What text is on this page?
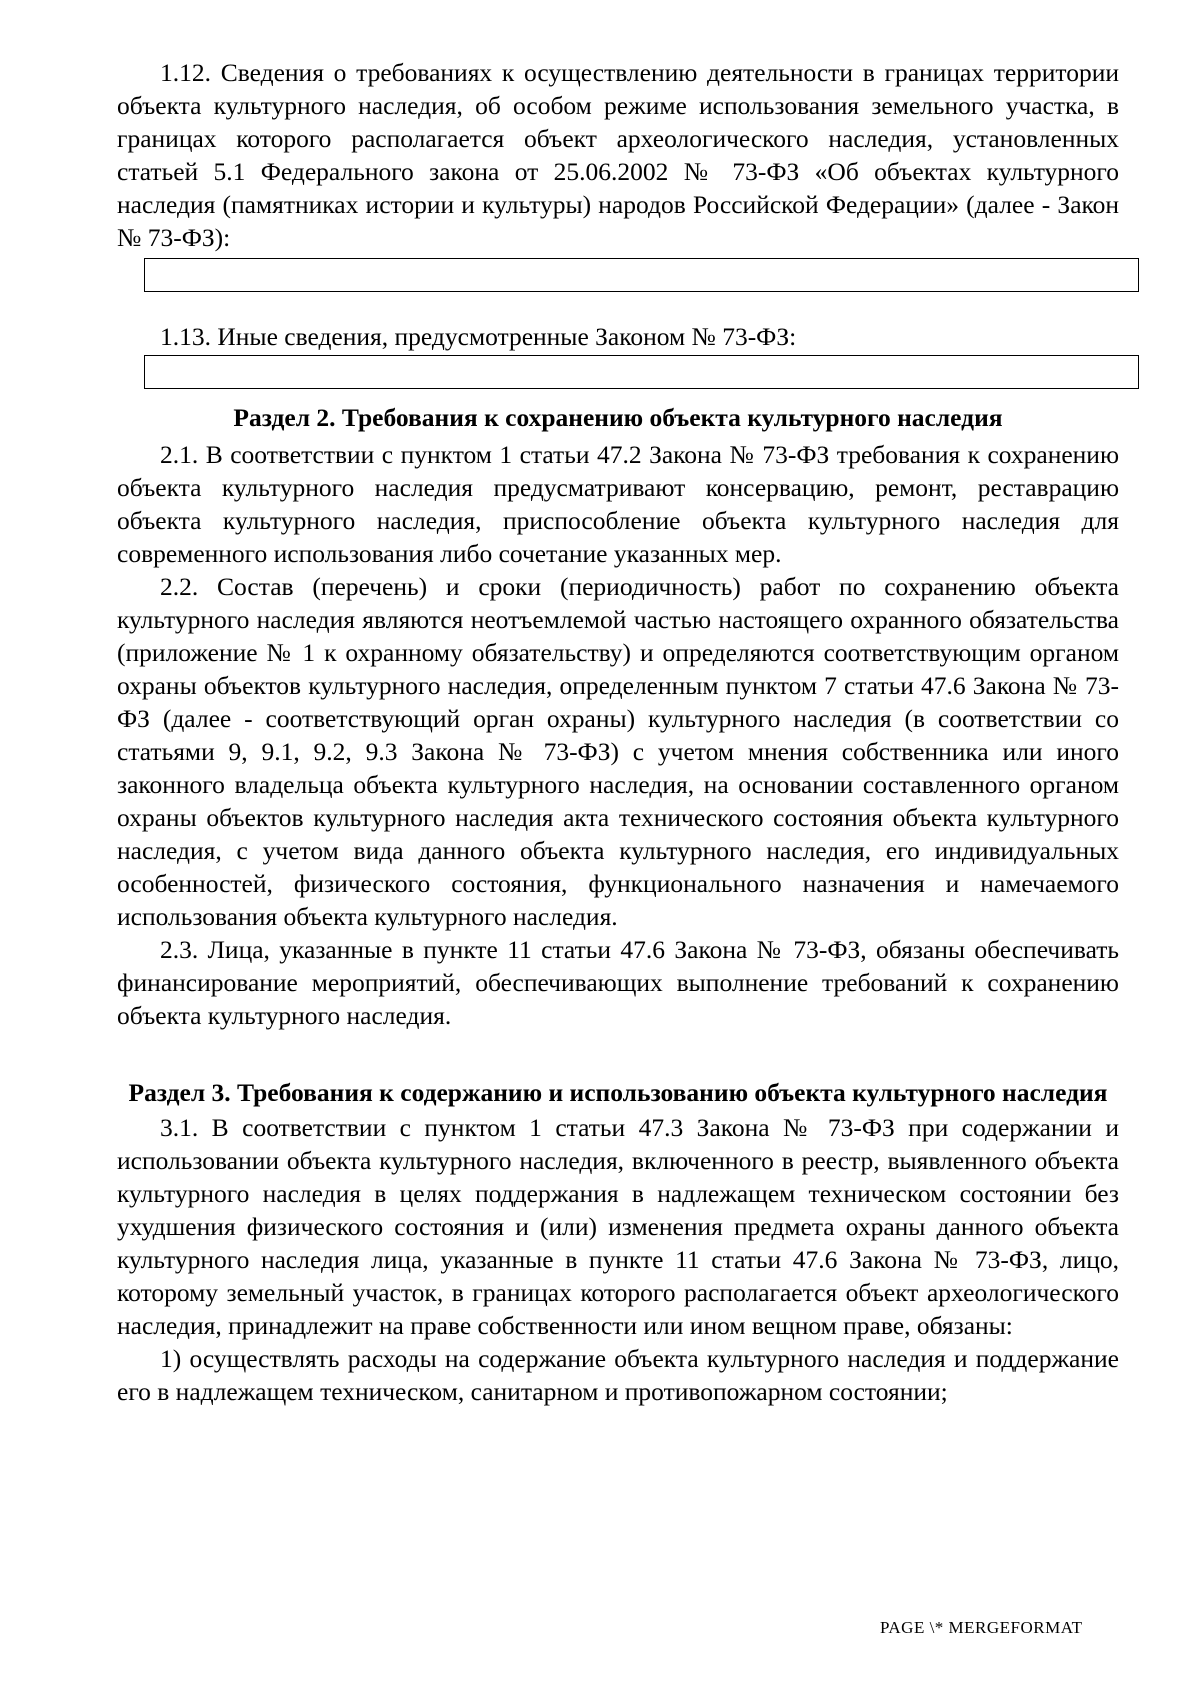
1.12. Сведения о требованиях к осуществлению деятельности в границах территории объекта культурного наследия, об особом режиме использования земельного участка, в границах которого располагается объект археологического наследия, установленных статьей 5.1 Федерального закона от 25.06.2002 № 73-ФЗ «Об объектах культурного наследия (памятниках истории и культуры) народов Российской Федерации» (далее - Закон № 73-ФЗ):

1.13. Иные сведения, предусмотренные Законом № 73-ФЗ:

Раздел 2. Требования к сохранению объекта культурного наследия

2.1. В соответствии с пунктом 1 статьи 47.2 Закона № 73-ФЗ требования к сохранению объекта культурного наследия предусматривают консервацию, ремонт, реставрацию объекта культурного наследия, приспособление объекта культурного наследия для современного использования либо сочетание указанных мер.

2.2. Состав (перечень) и сроки (периодичность) работ по сохранению объекта культурного наследия являются неотъемлемой частью настоящего охранного обязательства (приложение № 1 к охранному обязательству) и определяются соответствующим органом охраны объектов культурного наследия, определенным пунктом 7 статьи 47.6 Закона № 73-ФЗ (далее - соответствующий орган охраны) культурного наследия (в соответствии со статьями 9, 9.1, 9.2, 9.3 Закона № 73-ФЗ) с учетом мнения собственника или иного законного владельца объекта культурного наследия, на основании составленного органом охраны объектов культурного наследия акта технического состояния объекта культурного наследия, с учетом вида данного объекта культурного наследия, его индивидуальных особенностей, физического состояния, функционального назначения и намечаемого использования объекта культурного наследия.

2.3. Лица, указанные в пункте 11 статьи 47.6 Закона № 73-ФЗ, обязаны обеспечивать финансирование мероприятий, обеспечивающих выполнение требований к сохранению объекта культурного наследия.

Раздел 3. Требования к содержанию и использованию объекта культурного наследия

3.1. В соответствии с пунктом 1 статьи 47.3 Закона № 73-ФЗ при содержании и использовании объекта культурного наследия, включенного в реестр, выявленного объекта культурного наследия в целях поддержания в надлежащем техническом состоянии без ухудшения физического состояния и (или) изменения предмета охраны данного объекта культурного наследия лица, указанные в пункте 11 статьи 47.6 Закона № 73-ФЗ, лицо, которому земельный участок, в границах которого располагается объект археологического наследия, принадлежит на праве собственности или ином вещном праве, обязаны:

1) осуществлять расходы на содержание объекта культурного наследия и поддержание его в надлежащем техническом, санитарном и противопожарном состоянии;

PAGE \* MERGEFORMAT
